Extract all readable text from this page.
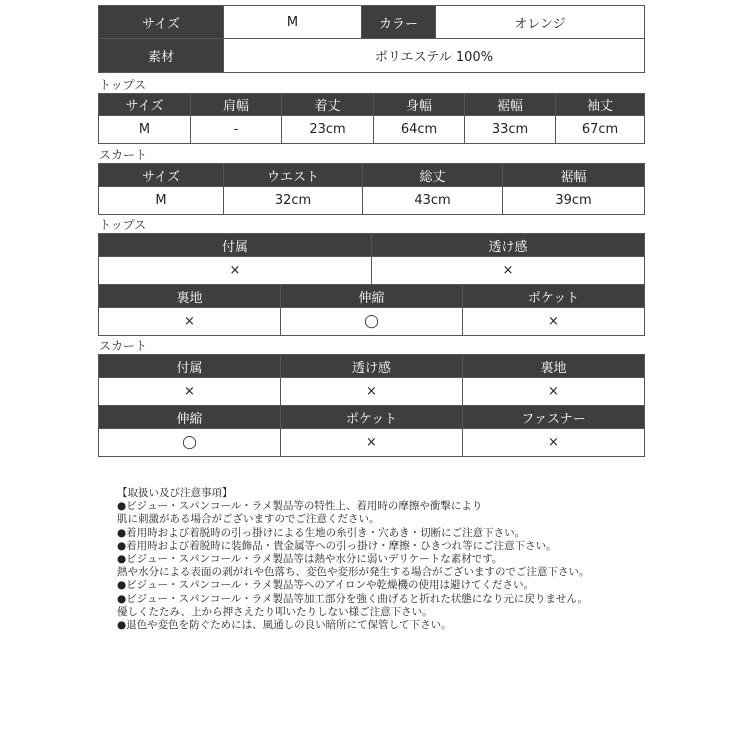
サイズ	M	カラー	オレンジ
素材	ポリエステル 100%		
トップス
サイズ	肩幅	着丈	身幅	裾幅	袖丈
M	-	23cm	64cm	33cm	67cm
スカート
サイズ	ウエスト	総丈	裾幅
M	32cm	43cm	39cm
トップス
付属	透け感
×	×
裏地	伸縮	ポケット
×	◯	×
スカート
付属	透け感	裏地
×	×	×
伸縮	ポケット	ファスナー
◯	×	×
【取扱い及び注意事項】
●ビジュー・スパンコール・ラメ製品等の特性上、着用時の摩擦や衝撃により
肌に刺激がある場合がございますのでご注意ください。
●着用時および着脱時の引っ掛けによる生地の糸引き・穴あき・切断にご注意下さい。
●着用時および着脱時に装飾品・貴金属等への引っ掛け・摩擦・ひきつれ等にご注意下さい。
●ビジュー・スパンコール・ラメ製品等は熱や水分に弱いデリケートな素材です。
熱や水分による表面の剥がれや色落ち、変色や変形が発生する場合がございますのでご注意下さい。
●ビジュー・スパンコール・ラメ製品等へのアイロンや乾燥機の使用は避けてください。
●ビジュー・スパンコール・ラメ製品等加工部分を強く曲げると折れた状態になり元に戻りません。
優しくたたみ、上から押さえたり叩いたりしない様ご注意下さい。
●退色や変色を防ぐためには、風通しの良い暗所にて保管して下さい。
